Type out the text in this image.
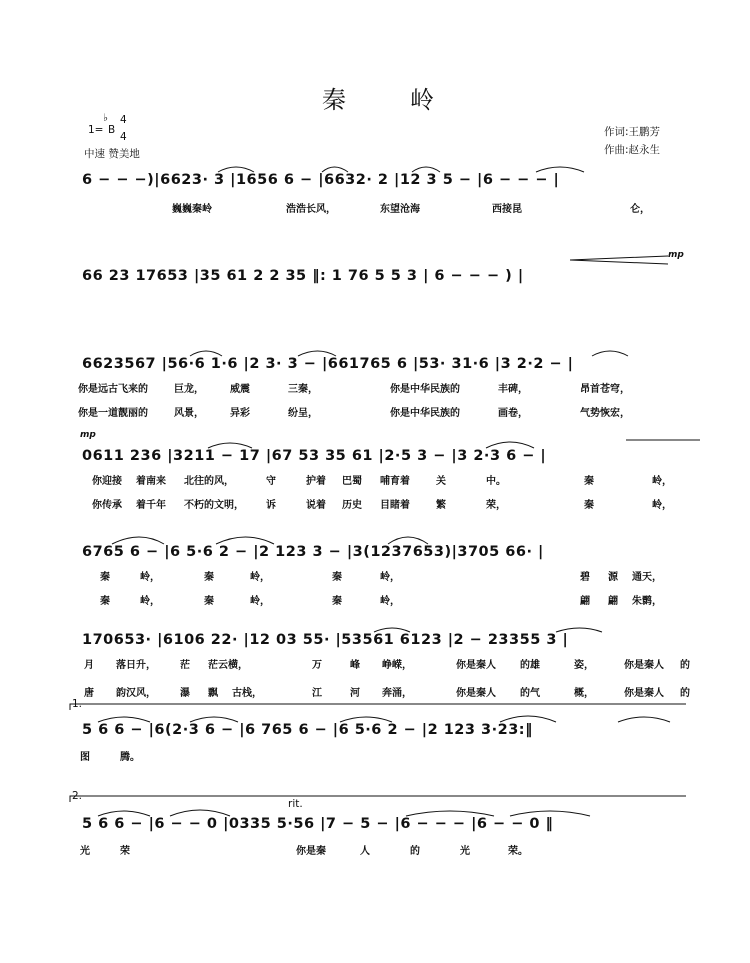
秦　岭
1=
♭
B
4
4
中速 赞美地
作词:王鹏芳
作曲:赵永生
6 − − −)|6623· 3 |1656 6 − |6632· 2 |12 3 5 − |6 − − − |
巍巍秦岭	浩浩长风，	东望沧海	西接昆	仑，
mp
66 23 17653 |35 61 2 2 35 ‖: 1 76 5 5 3 | 6 − − − ) |
6623567 |56·6 1·6 |2 3· 3 − |661765 6 |53· 31·6 |3 2·2 − |
你是远古飞来的	巨龙，	威震	三秦，	你是中华民族的	丰碑，	昂首苍穹，
你是一道靓丽的	风景，	异彩	纷呈，	你是中华民族的	画卷，	气势恢宏，
mp
0611 236 |3211 − 17 |67 53 35 61 |2·5 3 − |3 2·3 6 − |
你迎接 着南来 北往的风，	守	护着 巴蜀 哺育着	关	中。	秦	岭，
你传承 着千年 不朽的文明， 诉	说着 历史 目睹着	繁	荣，	秦	岭，
6765 6 − |6 5·6 2 − |2 123 3 − |3(1237653)|3705 66· |
秦	岭，	秦	岭，	秦	岭，	碧 源 通天，
秦	岭，	秦	岭，	秦	岭，	翩 翩 朱鹮，
170653· |6106 22· |12 03 55· |53561 6123 |2 − 23355 3 |
月 落日升， 茫 茫云横，	万	峰 峥嵘，	你是秦人 的雄	姿，	你是秦人 的
唐 韵汉风， 瀑 飘 古栈，	江	河 奔涌，	你是秦人 的气	概，	你是秦人 的
1.
5 6 6 − |6(2·3 6 − |6 765 6 − |6 5·6 2 − |2 123 3·23:‖
图	腾。
2.
rit.
5 6 6 − |6 − − 0 |0335 5·56 |7 − 5 − |6 − − − |6 − − 0 ‖
光	荣	你是秦	人	的	光	荣。
